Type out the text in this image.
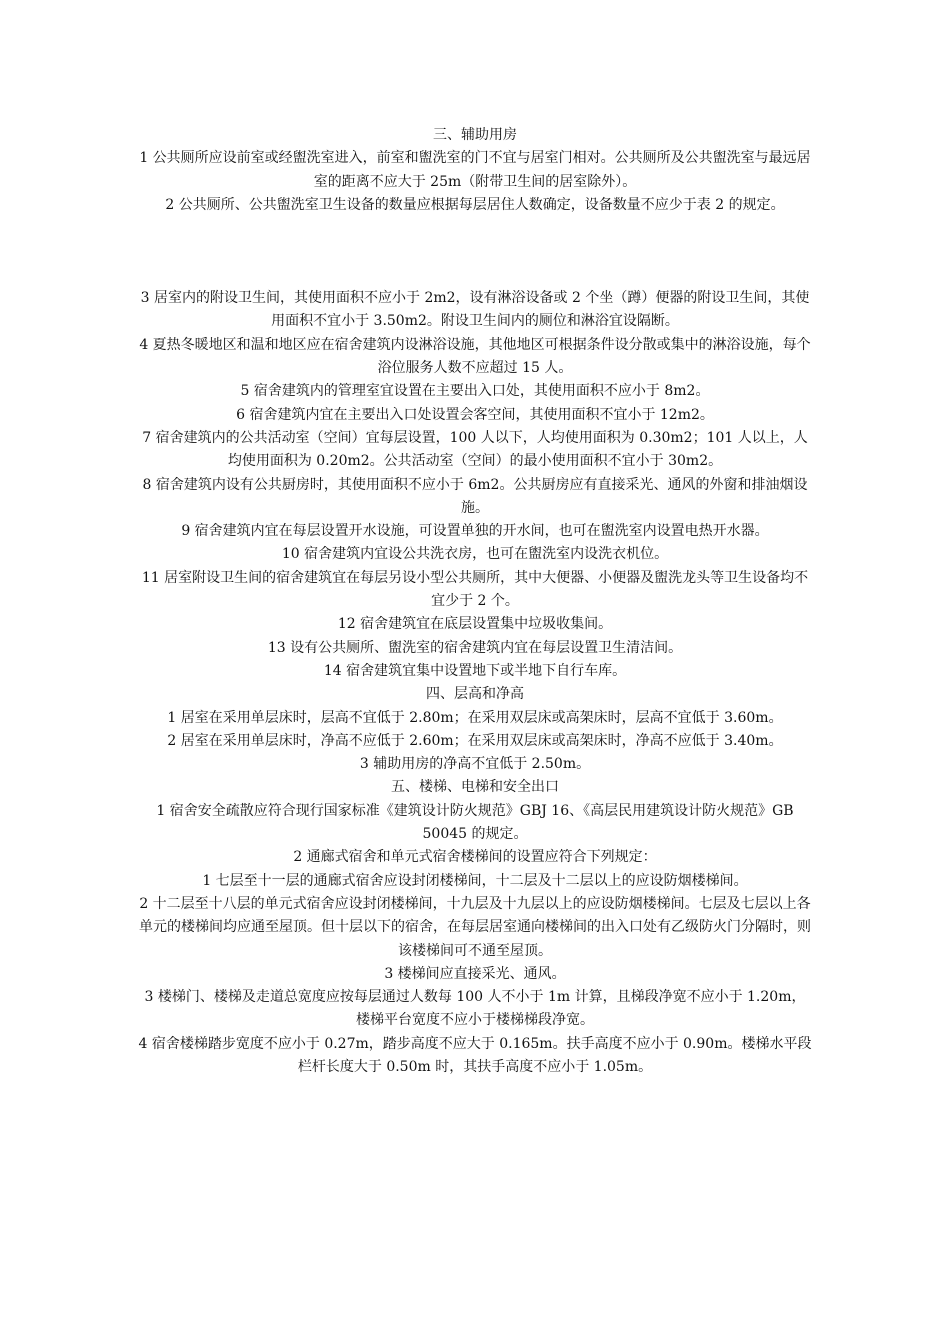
三、辅助用房

1 公共厕所应设前室或经盥洗室进入，前室和盥洗室的门不宜与居室门相对。公共厕所及公共盥洗室与最远居室的距离不应大于 25m（附带卫生间的居室除外）。

2 公共厕所、公共盥洗室卫生设备的数量应根据每层居住人数确定，设备数量不应少于表 2 的规定。

3 居室内的附设卫生间，其使用面积不应小于 2m2，设有淋浴设备或 2 个坐（蹲）便器的附设卫生间，其使用面积不宜小于 3.50m2。附设卫生间内的厕位和淋浴宜设隔断。

4 夏热冬暖地区和温和地区应在宿舍建筑内设淋浴设施，其他地区可根据条件设分散或集中的淋浴设施，每个浴位服务人数不应超过 15 人。

5 宿舍建筑内的管理室宜设置在主要出入口处，其使用面积不应小于 8m2。

6 宿舍建筑内宜在主要出入口处设置会客空间，其使用面积不宜小于 12m2。

7 宿舍建筑内的公共活动室（空间）宜每层设置，100 人以下，人均使用面积为 0.30m2；101 人以上，人均使用面积为 0.20m2。公共活动室（空间）的最小使用面积不宜小于 30m2。

8 宿舍建筑内设有公共厨房时，其使用面积不应小于 6m2。公共厨房应有直接采光、通风的外窗和排油烟设施。

9 宿舍建筑内宜在每层设置开水设施，可设置单独的开水间，也可在盥洗室内设置电热开水器。

10 宿舍建筑内宜设公共洗衣房，也可在盥洗室内设洗衣机位。

11 居室附设卫生间的宿舍建筑宜在每层另设小型公共厕所，其中大便器、小便器及盥洗龙头等卫生设备均不宜少于 2 个。

12 宿舍建筑宜在底层设置集中垃圾收集间。

13 设有公共厕所、盥洗室的宿舍建筑内宜在每层设置卫生清洁间。

14 宿舍建筑宜集中设置地下或半地下自行车库。

四、层高和净高

1 居室在采用单层床时，层高不宜低于 2.80m；在采用双层床或高架床时，层高不宜低于 3.60m。

2 居室在采用单层床时，净高不应低于 2.60m；在采用双层床或高架床时，净高不应低于 3.40m。

3 辅助用房的净高不宜低于 2.50m。

五、楼梯、电梯和安全出口

1 宿舍安全疏散应符合现行国家标准《建筑设计防火规范》GBJ 16、《高层民用建筑设计防火规范》GB 50045 的规定。

2 通廊式宿舍和单元式宿舍楼梯间的设置应符合下列规定：

1 七层至十一层的通廊式宿舍应设封闭楼梯间，十二层及十二层以上的应设防烟楼梯间。

2 十二层至十八层的单元式宿舍应设封闭楼梯间，十九层及十九层以上的应设防烟楼梯间。七层及七层以上各单元的楼梯间均应通至屋顶。但十层以下的宿舍，在每层居室通向楼梯间的出入口处有乙级防火门分隔时，则该楼梯间可不通至屋顶。

3 楼梯间应直接采光、通风。

3 楼梯门、楼梯及走道总宽度应按每层通过人数每 100 人不小于 1m 计算，且梯段净宽不应小于 1.20m，楼梯平台宽度不应小于楼梯梯段净宽。

4 宿舍楼梯踏步宽度不应小于 0.27m，踏步高度不应大于 0.165m。扶手高度不应小于 0.90m。楼梯水平段栏杆长度大于 0.50m 时，其扶手高度不应小于 1.05m。
